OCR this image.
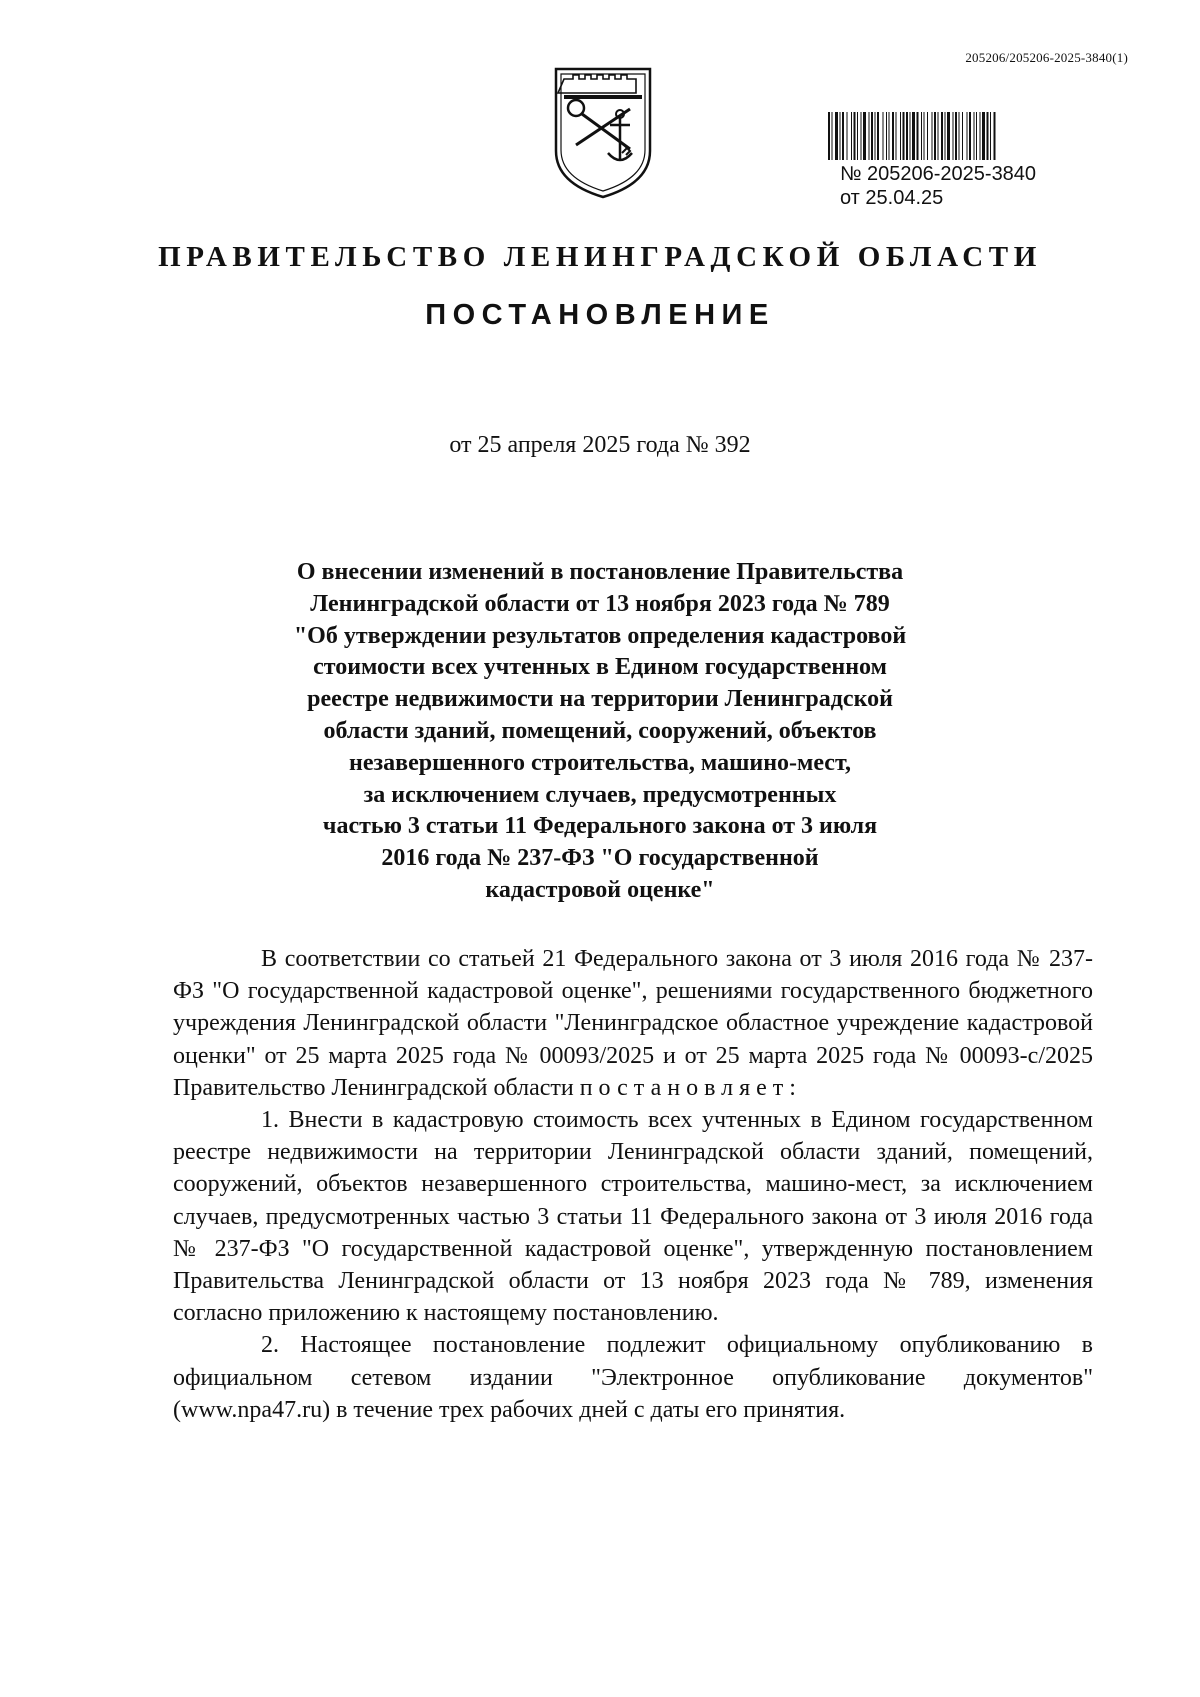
205206/205206-2025-3840(1)
№ 205206-2025-3840
от 25.04.25
ПРАВИТЕЛЬСТВО ЛЕНИНГРАДСКОЙ ОБЛАСТИ
ПОСТАНОВЛЕНИЕ
от 25 апреля 2025 года № 392
О внесении изменений в постановление Правительства
Ленинградской области от 13 ноября 2023 года № 789
"Об утверждении результатов определения кадастровой
стоимости всех учтенных в Едином государственном
реестре недвижимости на территории Ленинградской
области зданий, помещений, сооружений, объектов
незавершенного строительства, машино-мест,
за исключением случаев, предусмотренных
частью 3 статьи 11 Федерального закона от 3 июля
2016 года № 237-ФЗ "О государственной
кадастровой оценке"

В соответствии со статьей 21 Федерального закона от 3 июля 2016 года № 237-ФЗ "О государственной кадастровой оценке", решениями государственного бюджетного учреждения Ленинградской области "Ленинградское областное учреждение кадастровой оценки" от 25 марта 2025 года № 00093/2025 и от 25 марта 2025 года № 00093-с/2025 Правительство Ленинградской области постановляет:

1. Внести в кадастровую стоимость всех учтенных в Едином государственном реестре недвижимости на территории Ленинградской области зданий, помещений, сооружений, объектов незавершенного строительства, машино-мест, за исключением случаев, предусмотренных частью 3 статьи 11 Федерального закона от 3 июля 2016 года № 237-ФЗ "О государственной кадастровой оценке", утвержденную постановлением Правительства Ленинградской области от 13 ноября 2023 года № 789, изменения согласно приложению к настоящему постановлению.

2. Настоящее постановление подлежит официальному опубликованию в официальном сетевом издании "Электронное опубликование документов" (www.npa47.ru) в течение трех рабочих дней с даты его принятия.
